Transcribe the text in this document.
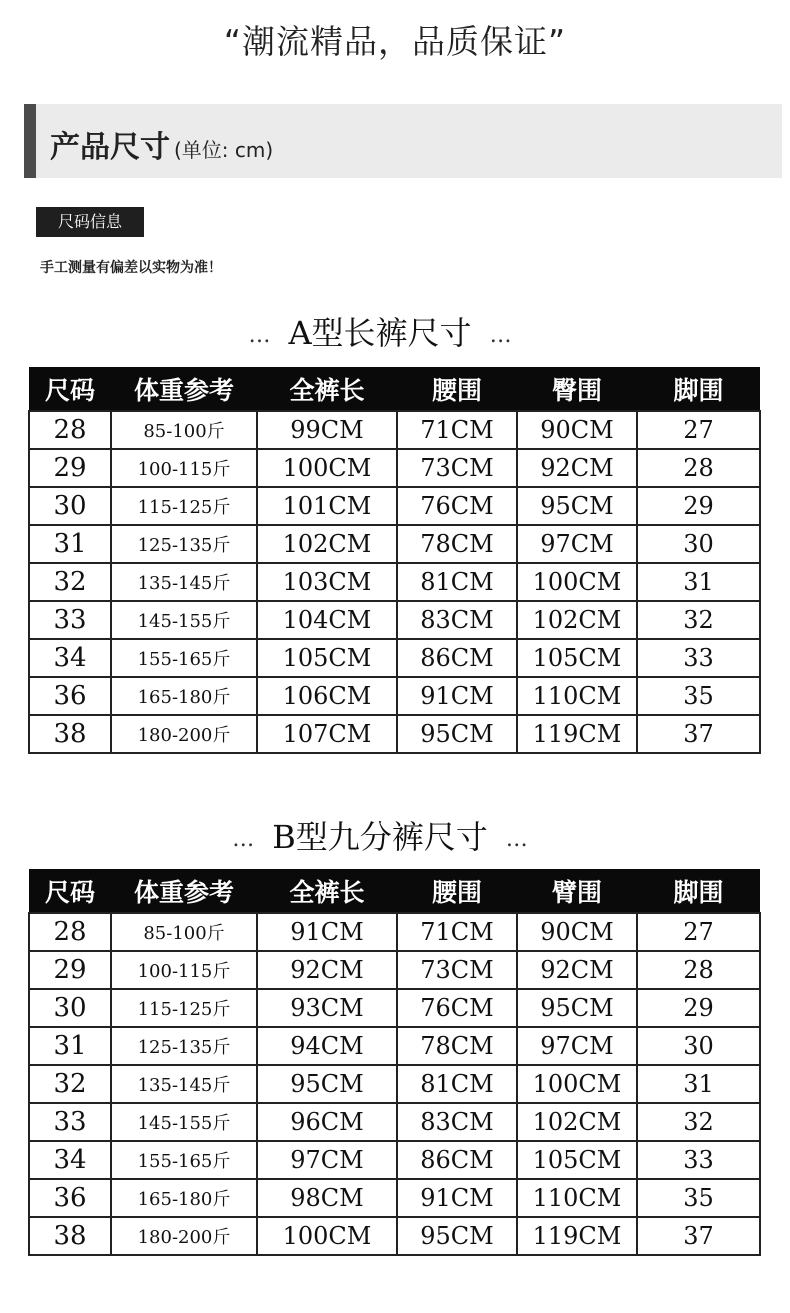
“潮流精品，品质保证”
产品尺寸 (单位: cm)
尺码信息
手工测量有偏差以实物为准！
… A型长裤尺寸 …
尺码	体重参考	全裤长	腰围	臀围	脚围
28	85-100斤	99CM	71CM	90CM	27
29	100-115斤	100CM	73CM	92CM	28
30	115-125斤	101CM	76CM	95CM	29
31	125-135斤	102CM	78CM	97CM	30
32	135-145斤	103CM	81CM	100CM	31
33	145-155斤	104CM	83CM	102CM	32
34	155-165斤	105CM	86CM	105CM	33
36	165-180斤	106CM	91CM	110CM	35
38	180-200斤	107CM	95CM	119CM	37
… B型九分裤尺寸 …
尺码	体重参考	全裤长	腰围	臂围	脚围
28	85-100斤	91CM	71CM	90CM	27
29	100-115斤	92CM	73CM	92CM	28
30	115-125斤	93CM	76CM	95CM	29
31	125-135斤	94CM	78CM	97CM	30
32	135-145斤	95CM	81CM	100CM	31
33	145-155斤	96CM	83CM	102CM	32
34	155-165斤	97CM	86CM	105CM	33
36	165-180斤	98CM	91CM	110CM	35
38	180-200斤	100CM	95CM	119CM	37
